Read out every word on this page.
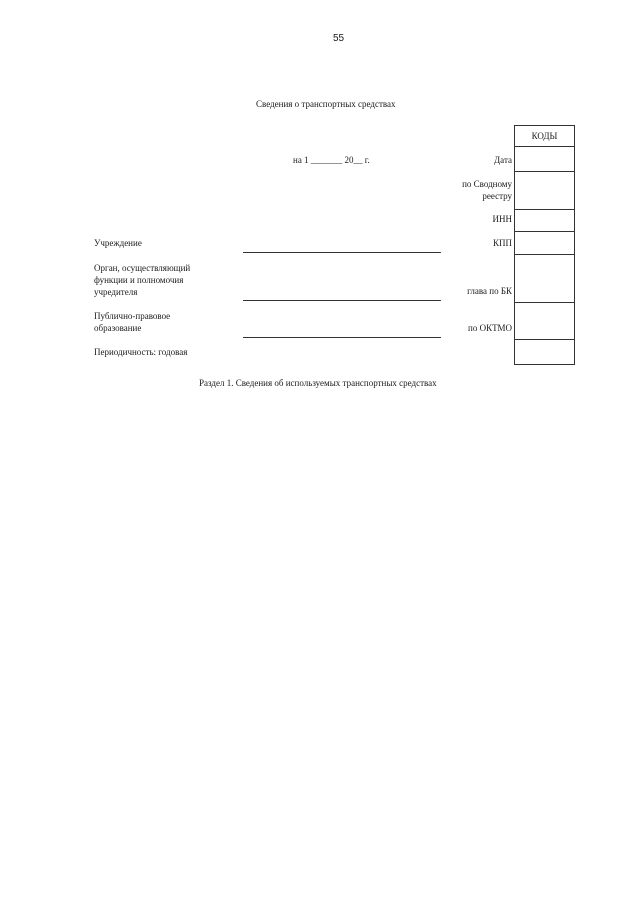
55
Сведения о транспортных средствах
КОДЫ
на 1 _______ 20__ г.	Дата
по Сводному
реестру
ИНН
КПП
глава по БК
по ОКТМО
Учреждение
Орган, осуществляющий
функции и полномочия
учредителя
Публично-правовое
образование
Периодичность: годовая
Раздел 1. Сведения об используемых транспортных средствах
